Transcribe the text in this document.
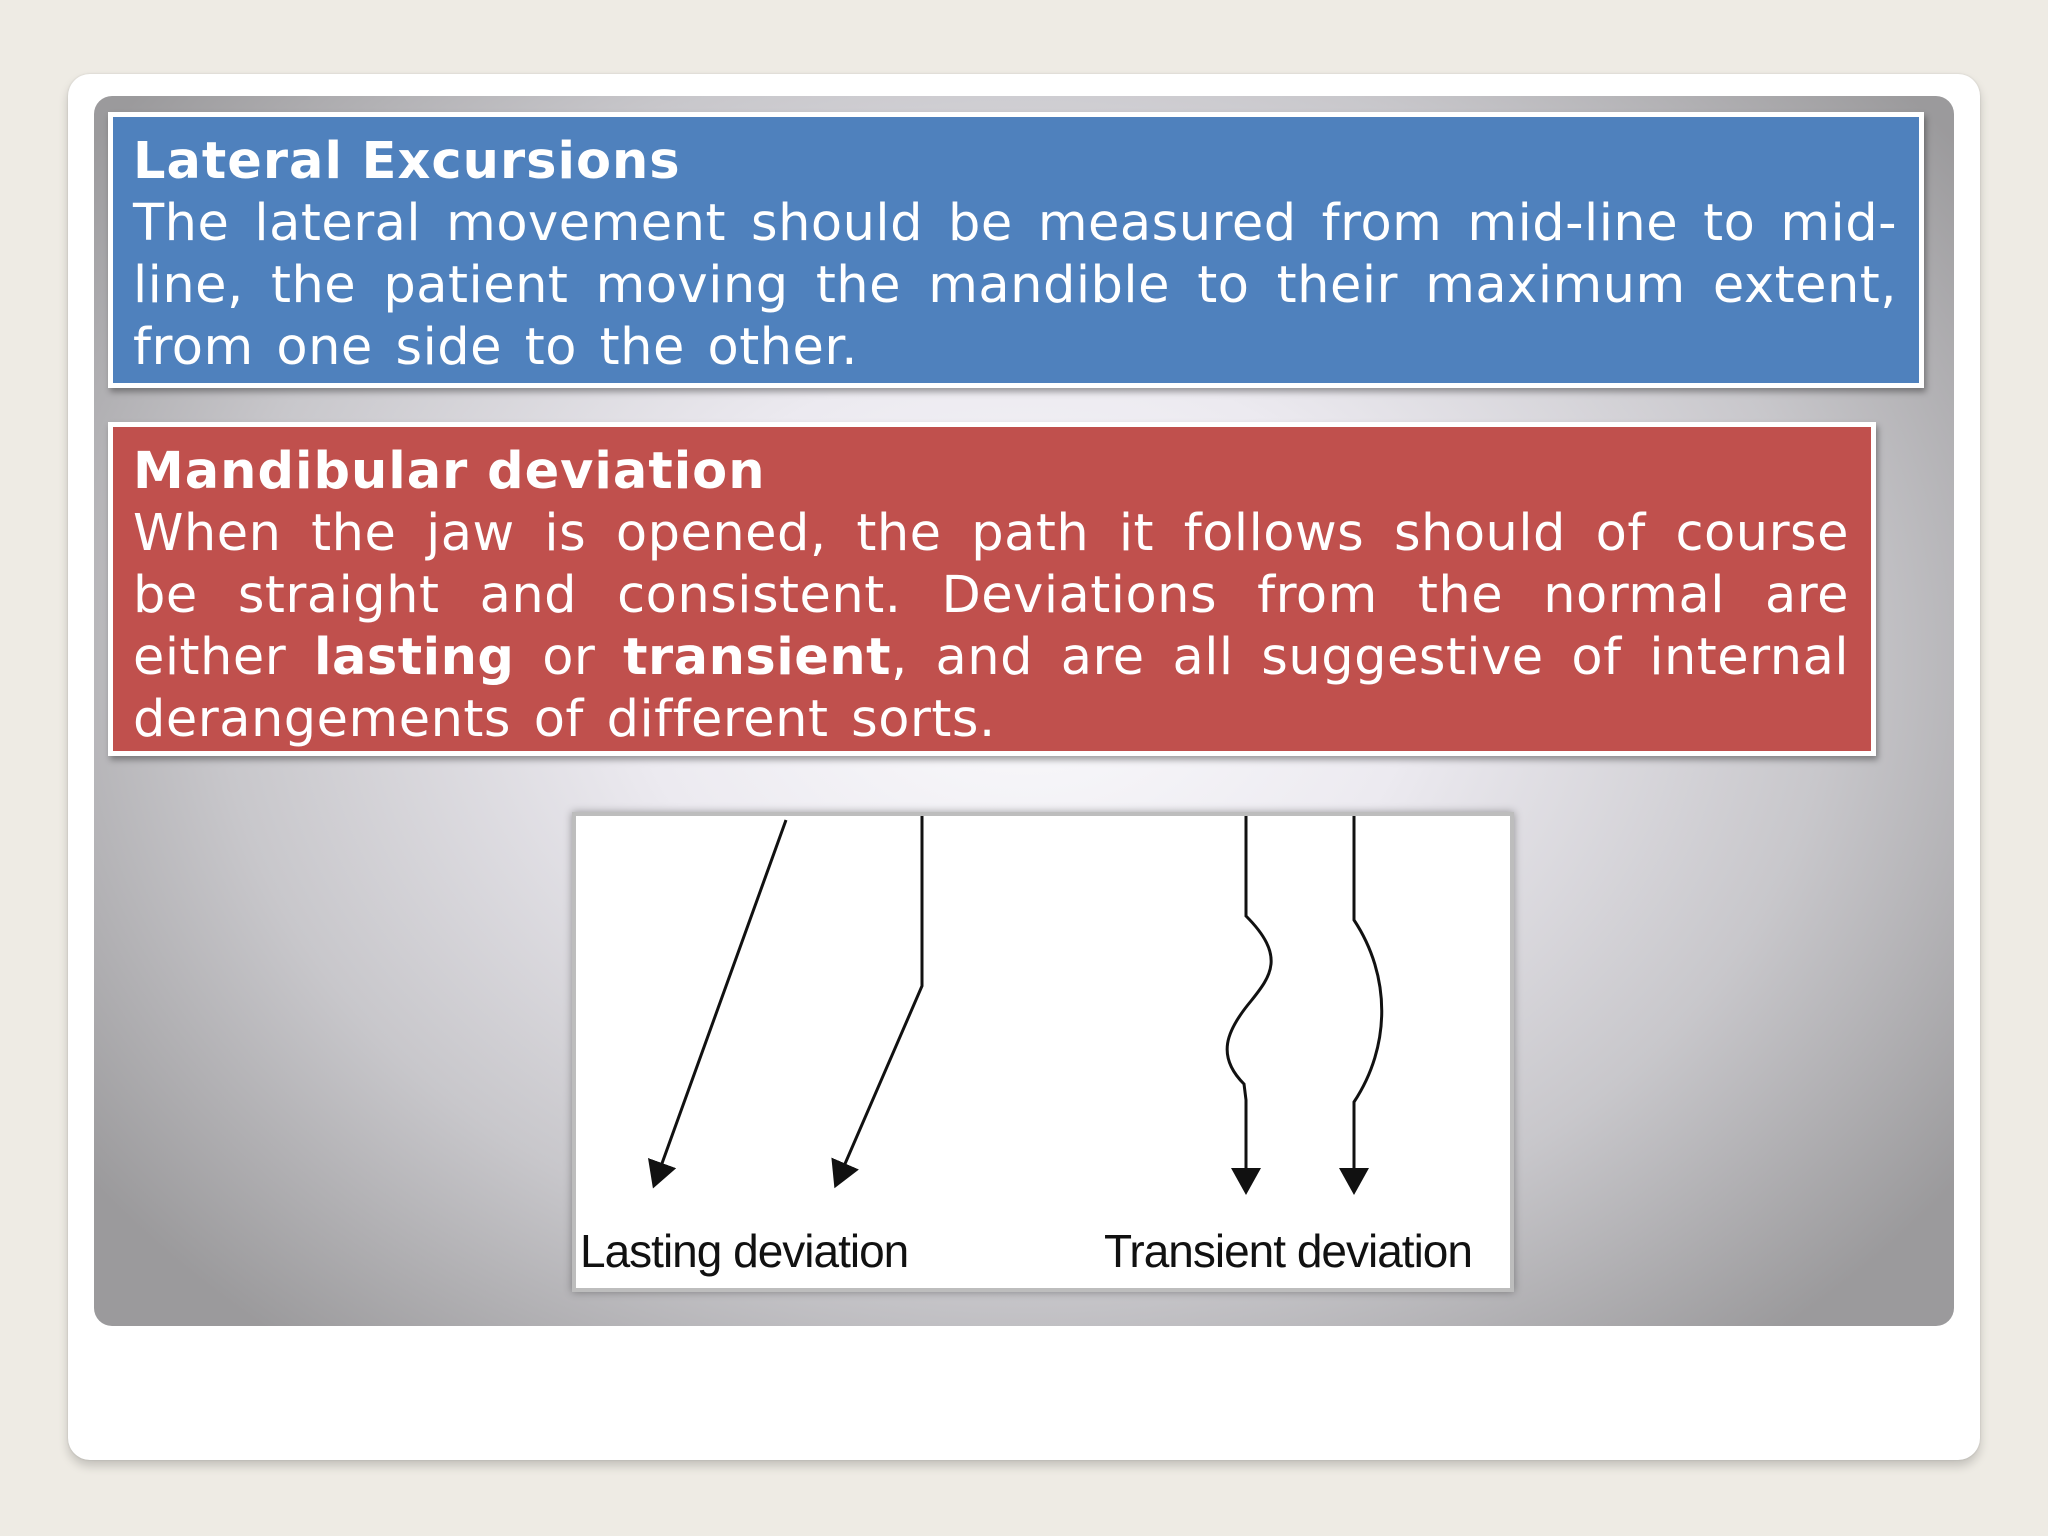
Lateral Excursions
The lateral movement should be measured from mid-line to mid-line, the patient moving the mandible to their maximum extent, from one side to the other.
Mandibular deviation
When the jaw is opened, the path it follows should of course be straight and consistent. Deviations from the normal are either lasting or transient, and are all suggestive of internal derangements of different sorts.
Lasting deviation	Transient deviation
